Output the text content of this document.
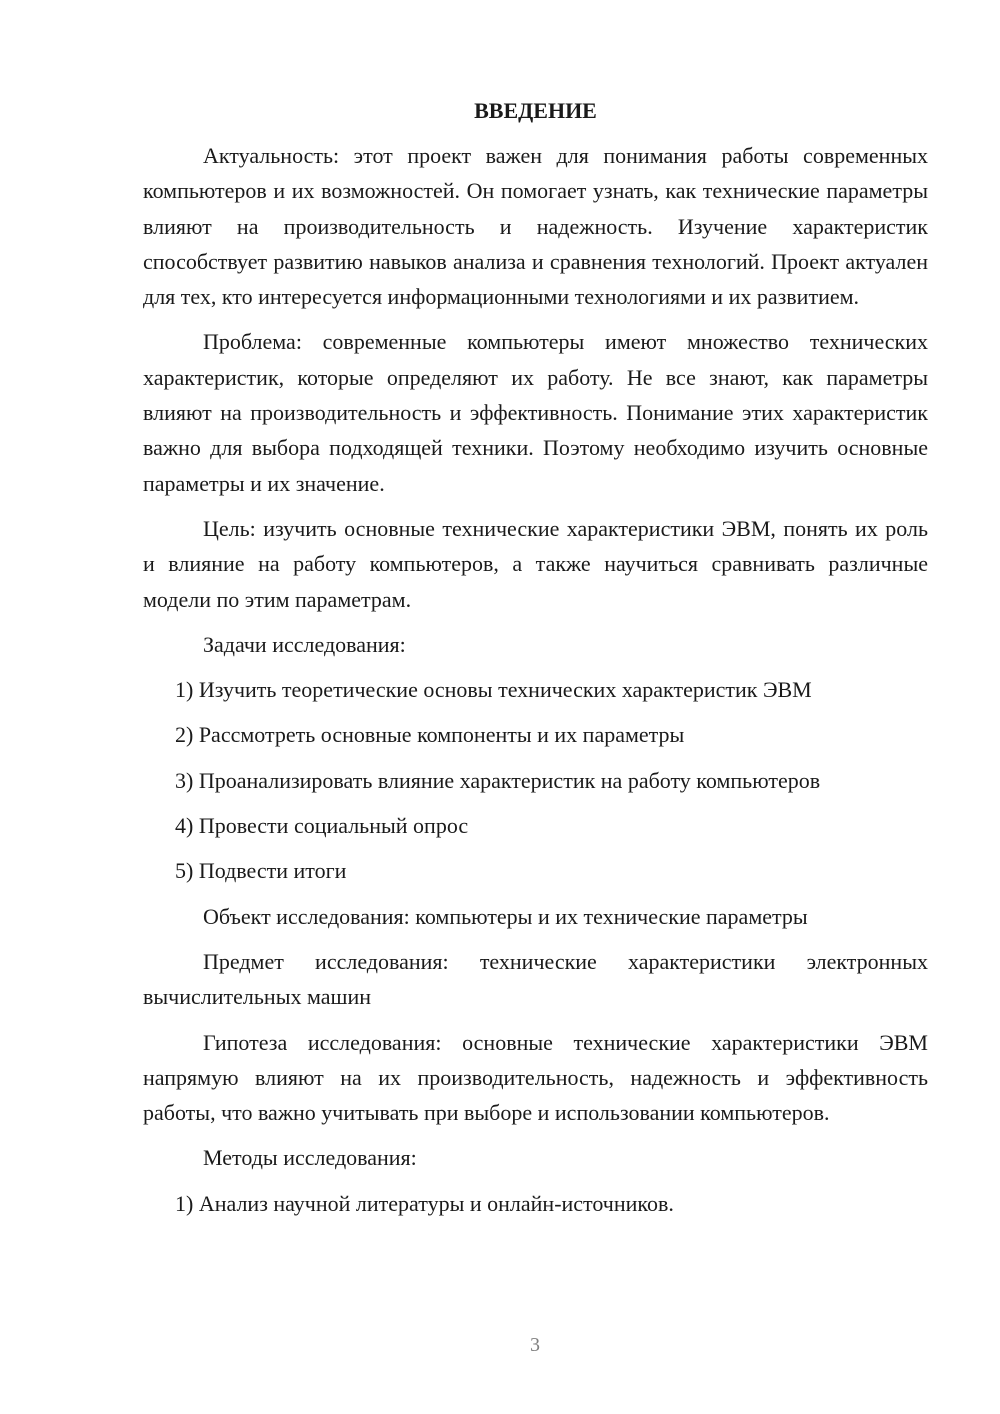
ВВЕДЕНИЕ

Актуальность: этот проект важен для понимания работы современных компьютеров и их возможностей. Он помогает узнать, как технические параметры влияют на производительность и надежность. Изучение характеристик способствует развитию навыков анализа и сравнения технологий. Проект актуален для тех, кто интересуется информационными технологиями и их развитием.

Проблема: современные компьютеры имеют множество технических характеристик, которые определяют их работу. Не все знают, как параметры влияют на производительность и эффективность. Понимание этих характеристик важно для выбора подходящей техники. Поэтому необходимо изучить основные параметры и их значение.

Цель: изучить основные технические характеристики ЭВМ, понять их роль и влияние на работу компьютеров, а также научиться сравнивать различные модели по этим параметрам.

Задачи исследования:

1) Изучить теоретические основы технических характеристик ЭВМ
2) Рассмотреть основные компоненты и их параметры
3) Проанализировать влияние характеристик на работу компьютеров
4) Провести социальный опрос
5) Подвести итоги

Объект исследования: компьютеры и их технические параметры

Предмет исследования: технические характеристики электронных вычислительных машин

Гипотеза исследования: основные технические характеристики ЭВМ напрямую влияют на их производительность, надежность и эффективность работы, что важно учитывать при выборе и использовании компьютеров.

Методы исследования:

1) Анализ научной литературы и онлайн-источников.
3
